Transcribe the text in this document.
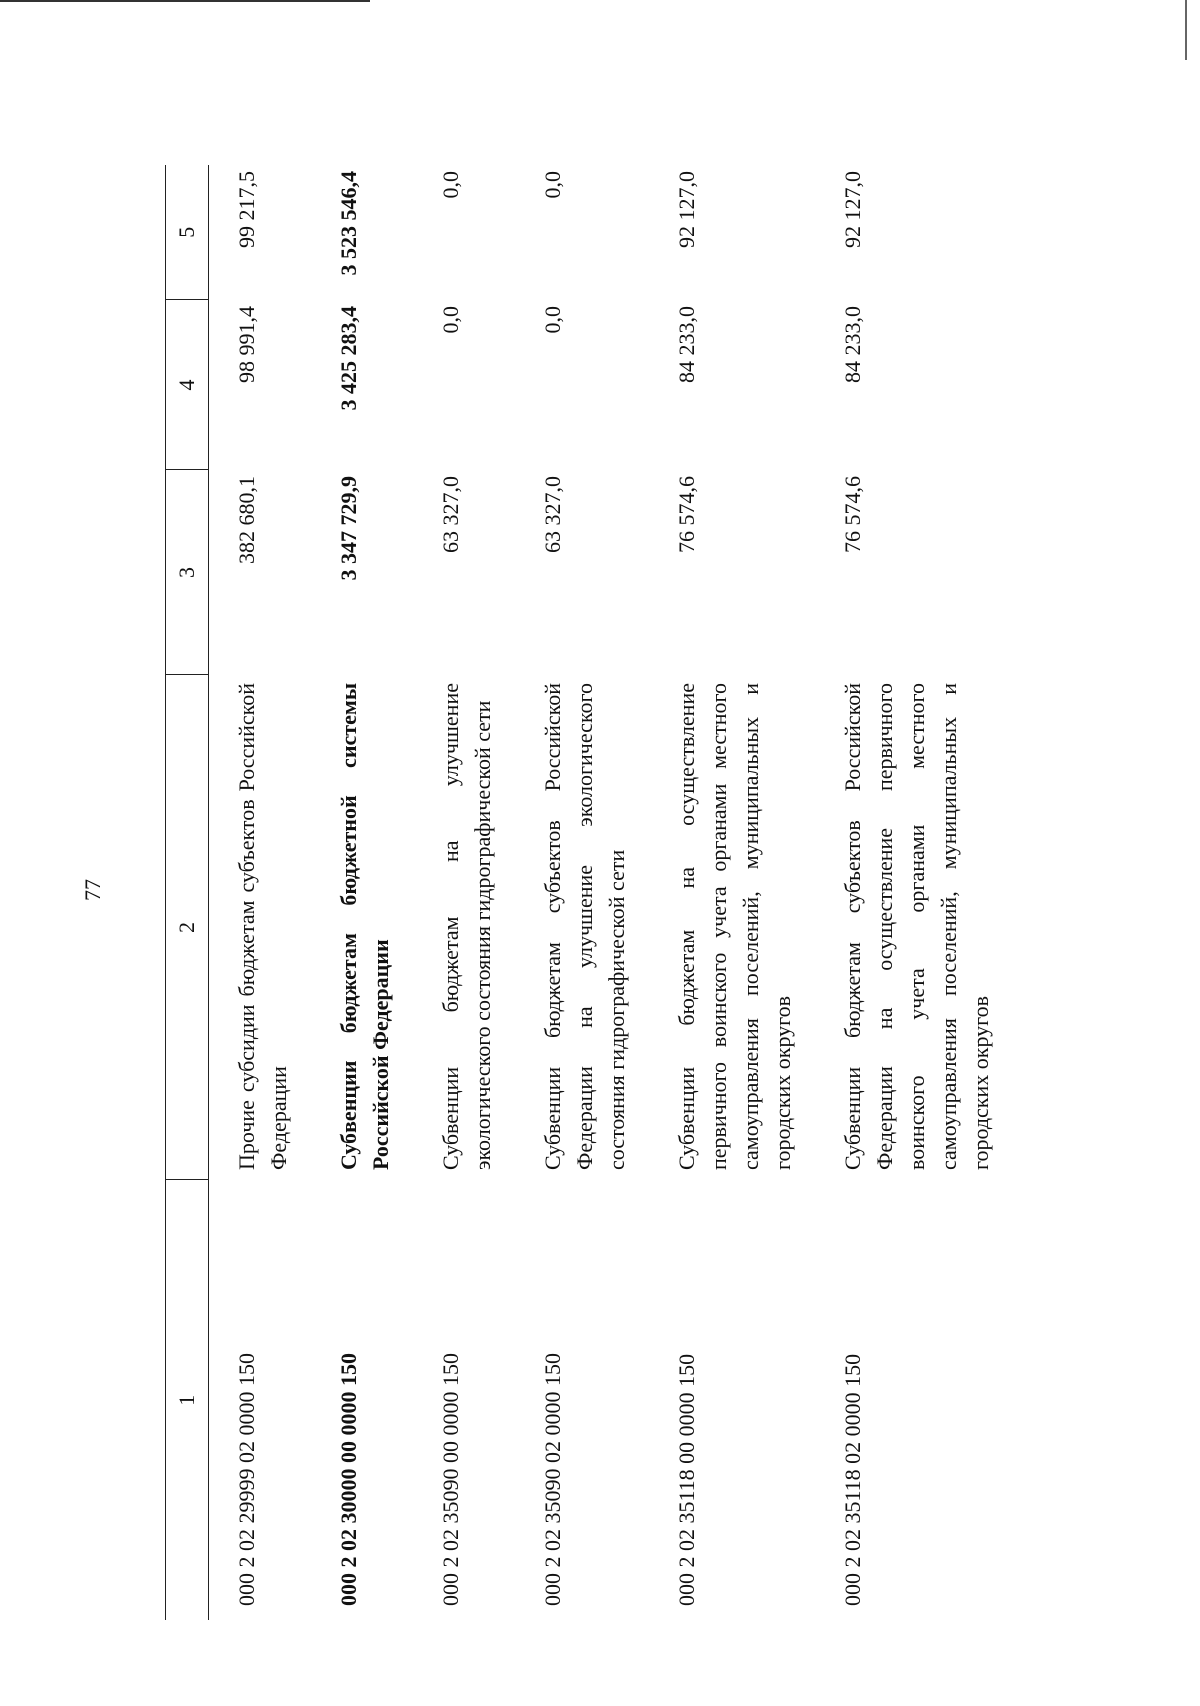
77
1	2	3	4	5
000 2 02 29999 02 0000 150	Прочие субсидии бюджетам субъектов Российской Федерации	382 680,1	98 991,4	99 217,5
000 2 02 30000 00 0000 150	Субвенции бюджетам бюджетной системы Российской Федерации	3 347 729,9	3 425 283,4	3 523 546,4
000 2 02 35090 00 0000 150	Субвенции бюджетам на улучшение экологического состояния гидрографической сети	63 327,0	0,0	0,0
000 2 02 35090 02 0000 150	Субвенции бюджетам субъектов Российской Федерации на улучшение экологического состояния гидрографической сети	63 327,0	0,0	0,0
000 2 02 35118 00 0000 150	Субвенции бюджетам на осуществление первичного воинского учета органами местного самоуправления поселений, муниципальных и городских округов	76 574,6	84 233,0	92 127,0
000 2 02 35118 02 0000 150	Субвенции бюджетам субъектов Российской Федерации на осуществление первичного воинского учета органами местного самоуправления поселений, муниципальных и городских округов	76 574,6	84 233,0	92 127,0
